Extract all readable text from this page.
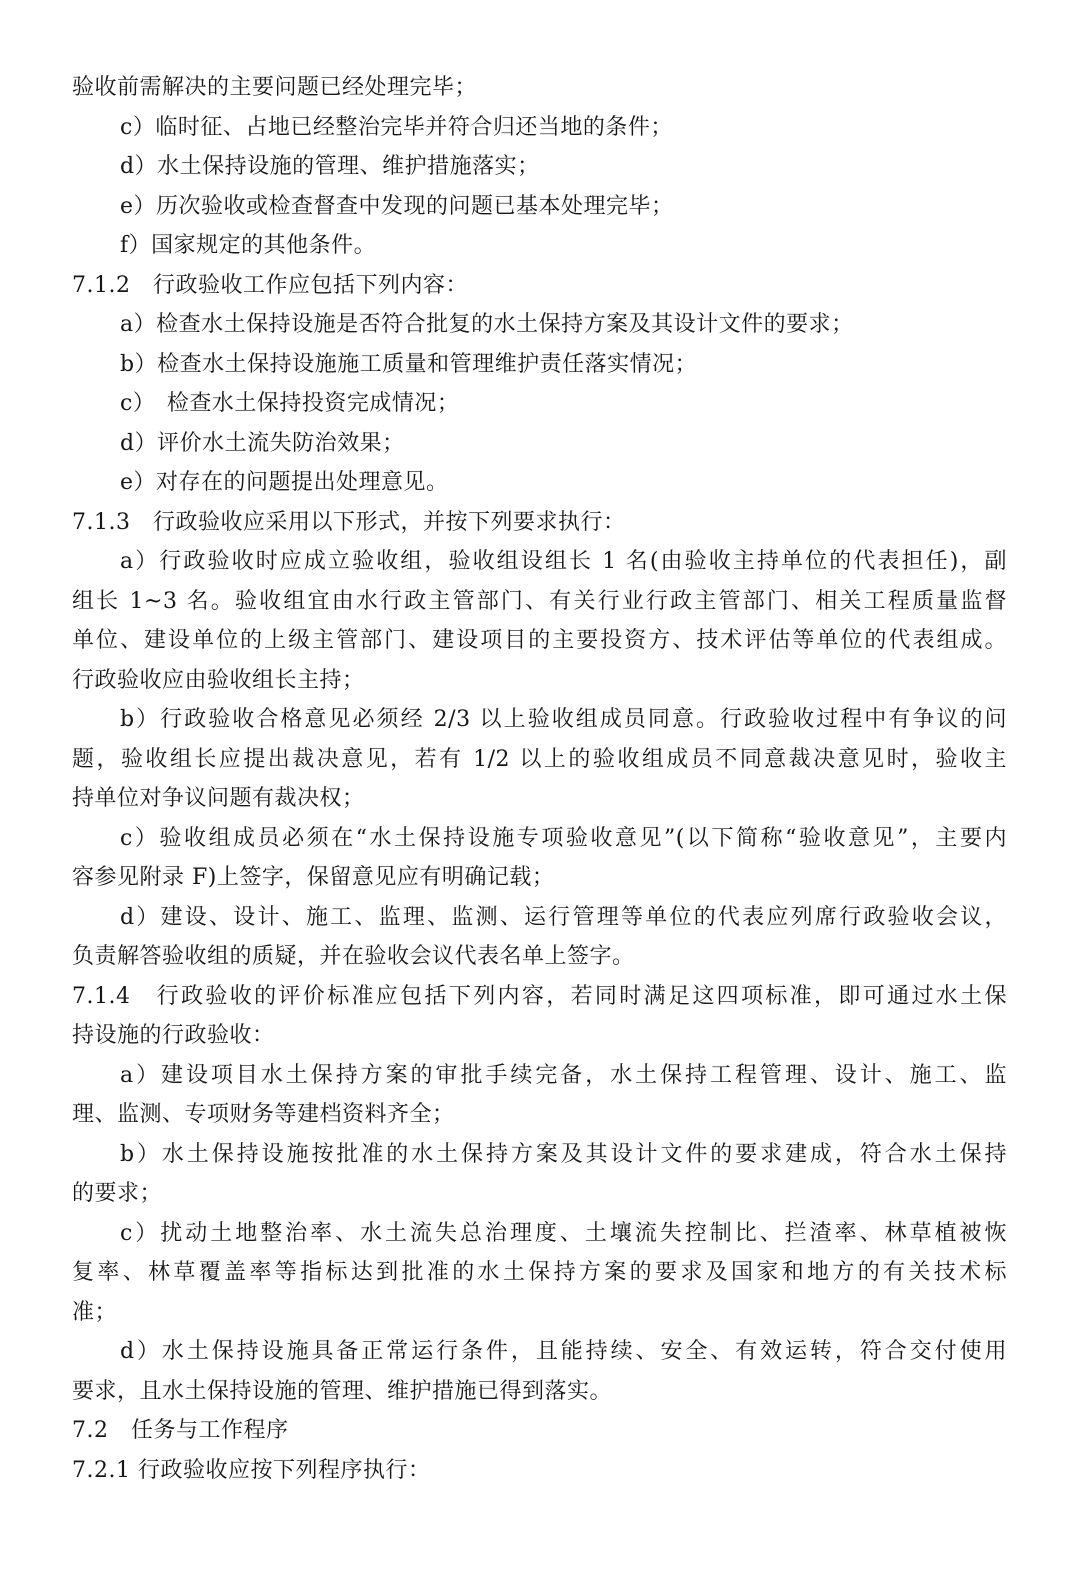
验收前需解决的主要问题已经处理完毕；
c）临时征、占地已经整治完毕并符合归还当地的条件；
d）水土保持设施的管理、维护措施落实；
e）历次验收或检查督查中发现的问题已基本处理完毕；
f）国家规定的其他条件。
7.1.2　行政验收工作应包括下列内容：
a）检查水土保持设施是否符合批复的水土保持方案及其设计文件的要求；
b）检查水土保持设施施工质量和管理维护责任落实情况；
c）　检查水土保持投资完成情况；
d）评价水土流失防治效果；
e）对存在的问题提出处理意见。
7.1.3　行政验收应采用以下形式，并按下列要求执行：
a）行政验收时应成立验收组，验收组设组长 1 名(由验收主持单位的代表担任)，副
组长 1~3 名。验收组宜由水行政主管部门、有关行业行政主管部门、相关工程质量监督
单位、建设单位的上级主管部门、建设项目的主要投资方、技术评估等单位的代表组成。
行政验收应由验收组长主持；
b）行政验收合格意见必须经 2/3 以上验收组成员同意。行政验收过程中有争议的问
题，验收组长应提出裁决意见，若有 1/2 以上的验收组成员不同意裁决意见时，验收主
持单位对争议问题有裁决权；
c）验收组成员必须在“水土保持设施专项验收意见”(以下简称“验收意见”，主要内
容参见附录 F)上签字，保留意见应有明确记载；
d）建设、设计、施工、监理、监测、运行管理等单位的代表应列席行政验收会议，
负责解答验收组的质疑，并在验收会议代表名单上签字。
7.1.4　行政验收的评价标准应包括下列内容，若同时满足这四项标准，即可通过水土保
持设施的行政验收：
a）建设项目水土保持方案的审批手续完备，水土保持工程管理、设计、施工、监
理、监测、专项财务等建档资料齐全；
b）水土保持设施按批准的水土保持方案及其设计文件的要求建成，符合水土保持
的要求；
c）扰动土地整治率、水土流失总治理度、土壤流失控制比、拦渣率、林草植被恢
复率、林草覆盖率等指标达到批准的水土保持方案的要求及国家和地方的有关技术标
准；
d）水土保持设施具备正常运行条件，且能持续、安全、有效运转，符合交付使用
要求，且水土保持设施的管理、维护措施已得到落实。
7.2　任务与工作程序
7.2.1 行政验收应按下列程序执行：
